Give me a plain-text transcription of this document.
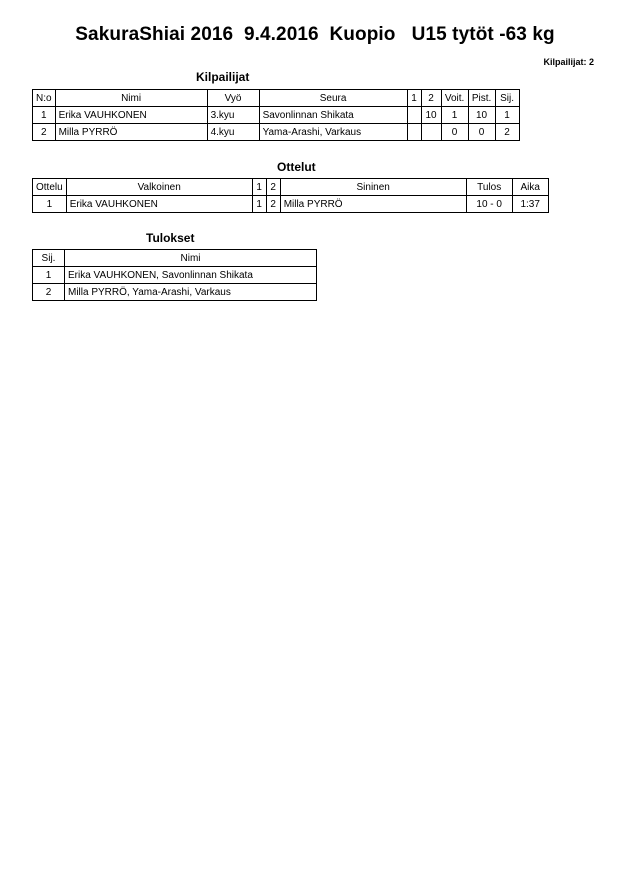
SakuraShiai 2016  9.4.2016  Kuopio   U15 tytöt -63 kg
Kilpailijat: 2
Kilpailijat
N:o	Nimi	Vyö	Seura	1	2	Voit.	Pist.	Sij.
1	Erika VAUHKONEN	3.kyu	Savonlinnan Shikata		10	1	10	1
2	Milla PYRRÖ	4.kyu	Yama-Arashi, Varkaus			0	0	2
Ottelut
Ottelu	Valkoinen	1	2	Sininen	Tulos	Aika
1	Erika VAUHKONEN	1	2	Milla PYRRÖ	10 - 0	1:37
Tulokset
Sij.	Nimi
1	Erika VAUHKONEN, Savonlinnan Shikata
2	Milla PYRRÖ, Yama-Arashi, Varkaus
